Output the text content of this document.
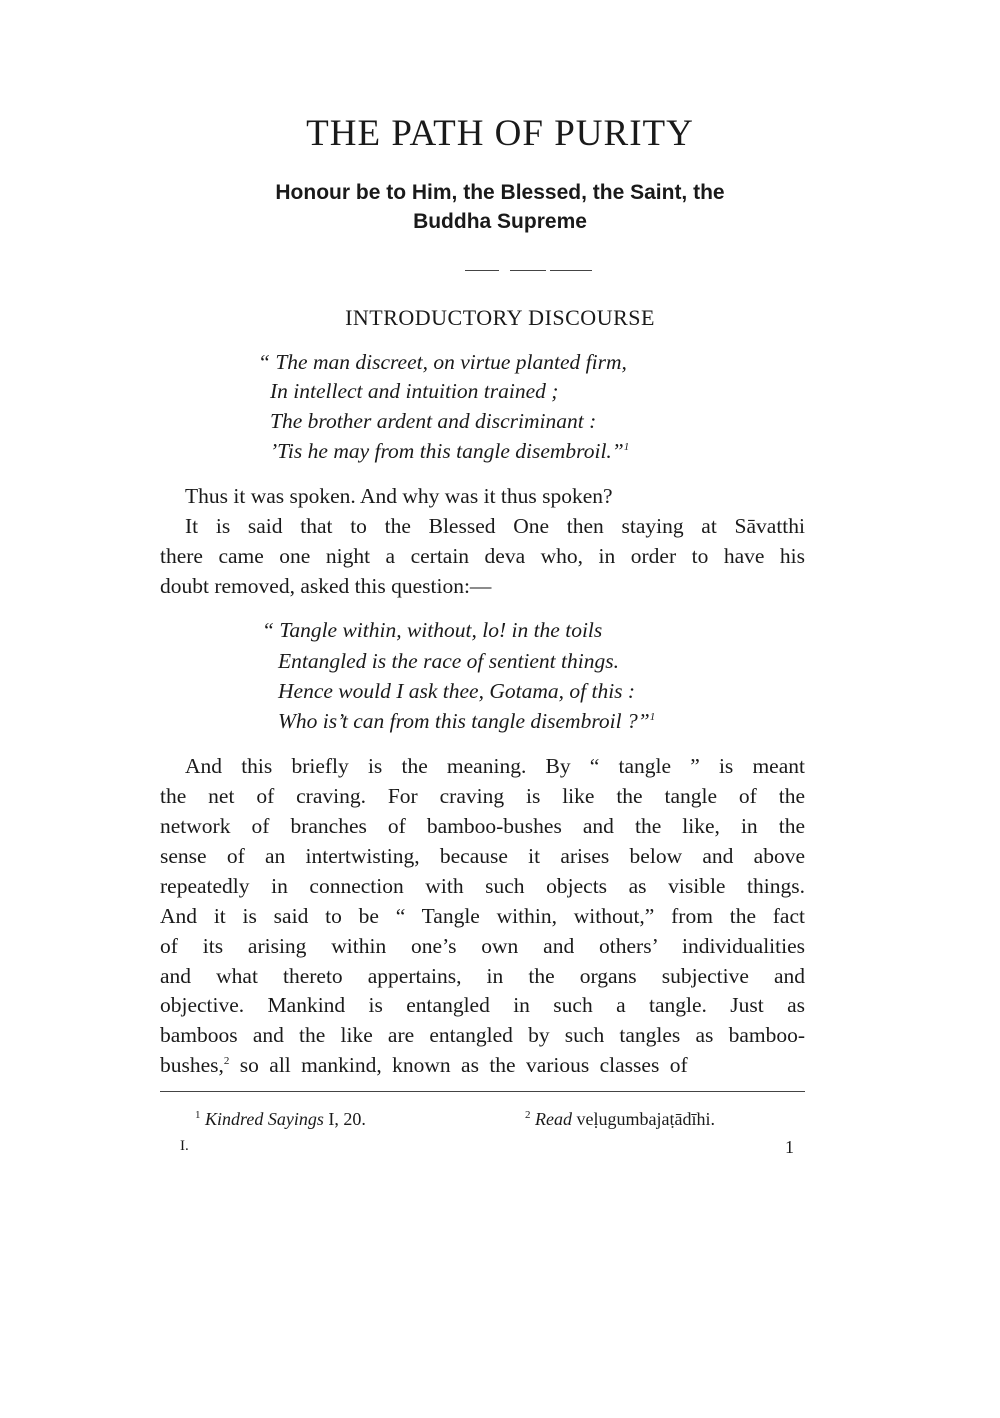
THE PATH OF PURITY
Honour be to Him, the Blessed, the Saint, the
Buddha Supreme
INTRODUCTORY DISCOURSE
“ The man discreet, on virtue planted firm,
In intellect and intuition trained ;
The brother ardent and discriminant :
’Tis he may from this tangle disembroil.”$^1$
Thus it was spoken. And why was it thus spoken?
It is said that to the Blessed One then staying at Sāvatthi
there came one night a certain deva who, in order to have his
doubt removed, asked this question:—
“ Tangle within, without, lo! in the toils
Entangled is the race of sentient things.
Hence would I ask thee, Gotama, of this :
Who is’t can from this tangle disembroil ?”$^1$
And this briefly is the meaning. By “ tangle ” is meant
the net of craving. For craving is like the tangle of the
network of branches of bamboo-bushes and the like, in the
sense of an intertwisting, because it arises below and above
repeatedly in connection with such objects as visible things.
And it is said to be “ Tangle within, without,” from the fact
of its arising within one’s own and others’ individualities
and what thereto appertains, in the organs subjective and
objective. Mankind is entangled in such a tangle. Just as
bamboos and the like are entangled by such tangles as bamboo-
bushes,$^2$ so all mankind, known as the various classes of
$^1$ Kindred Sayings I, 20.	$^2$ Read veḷugumbajaṭādīhi.
I.	1
